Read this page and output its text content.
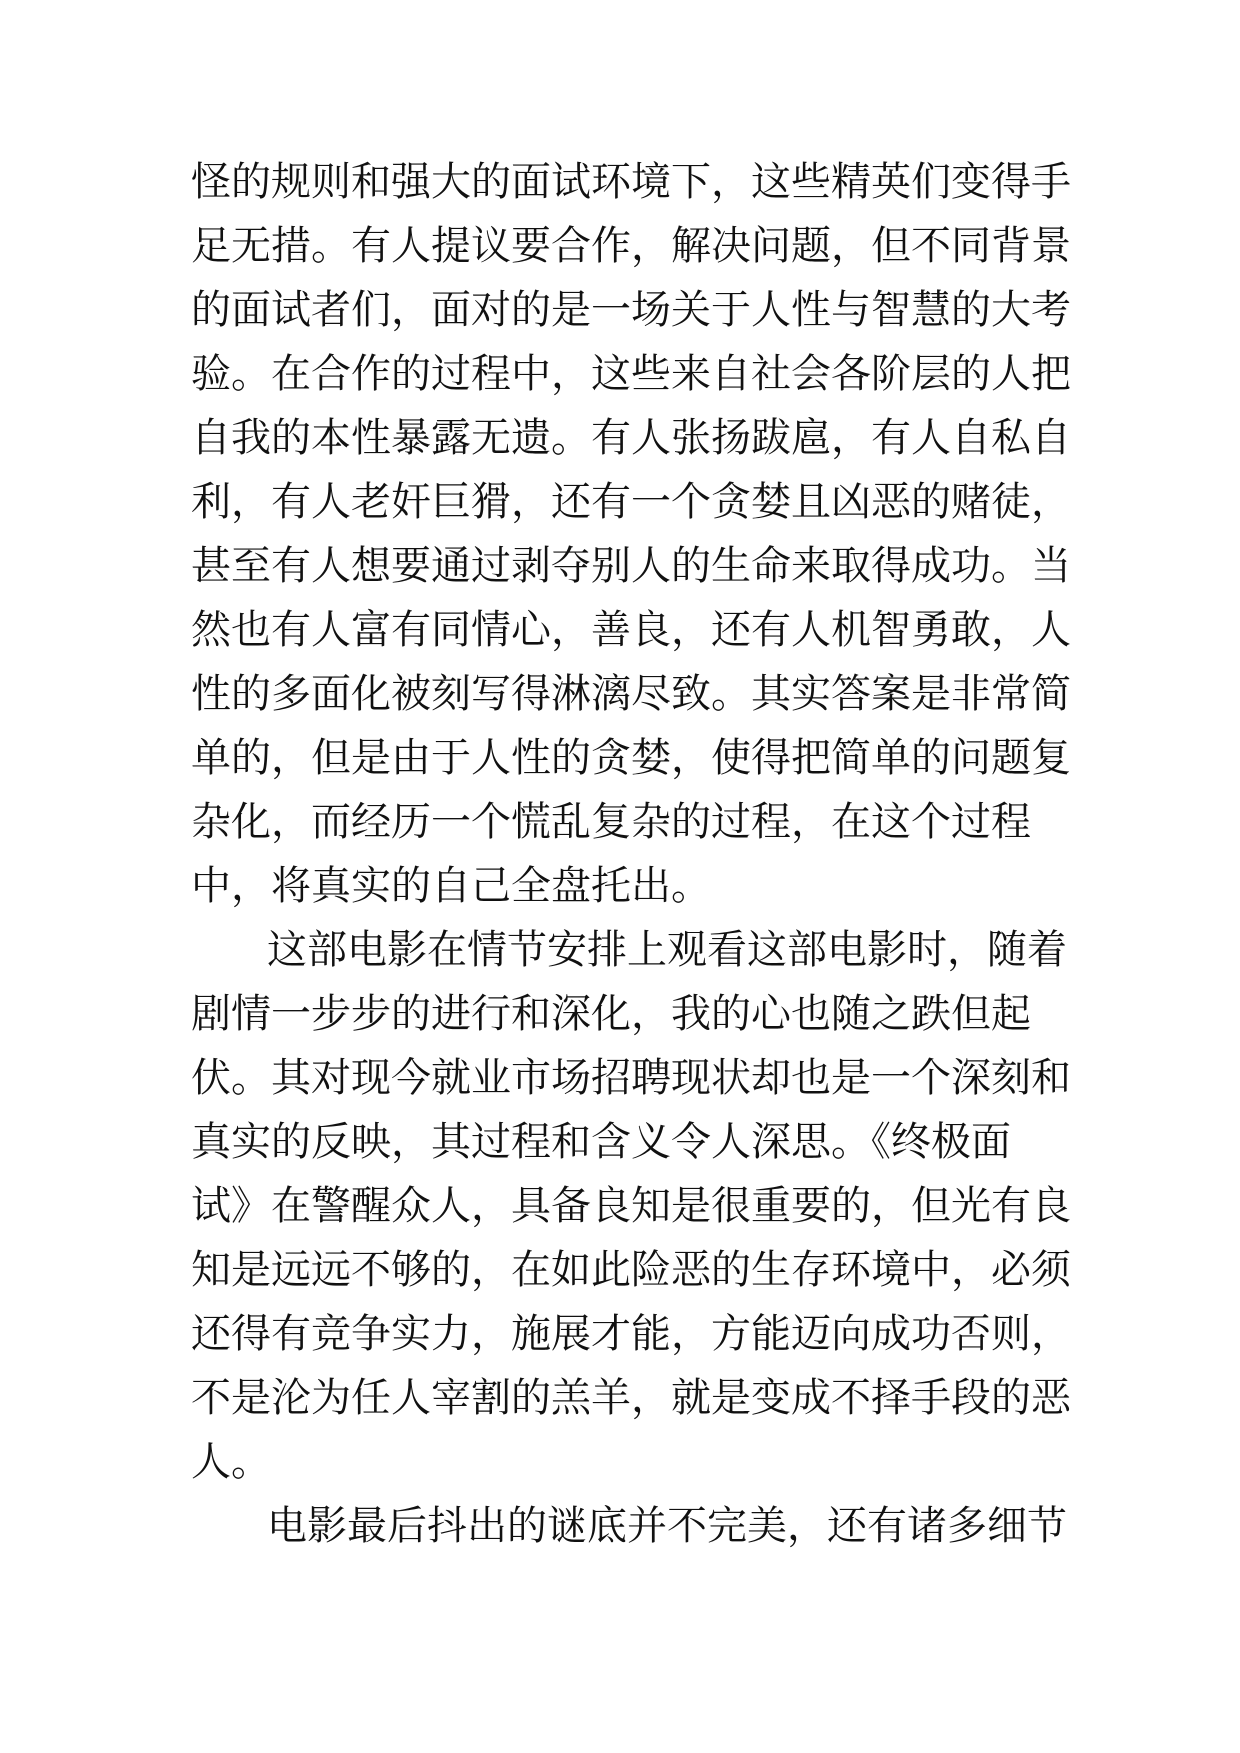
怪的规则和强大的面试环境下，这些精英们变得手
足无措。有人提议要合作，解决问题，但不同背景
的面试者们，面对的是一场关于人性与智慧的大考
验。在合作的过程中，这些来自社会各阶层的人把
自我的本性暴露无遗。有人张扬跋扈，有人自私自
利，有人老奸巨猾，还有一个贪婪且凶恶的赌徒，
甚至有人想要通过剥夺别人的生命来取得成功。当
然也有人富有同情心，善良，还有人机智勇敢，人
性的多面化被刻写得淋漓尽致。其实答案是非常简
单的，但是由于人性的贪婪，使得把简单的问题复
杂化，而经历一个慌乱复杂的过程，在这个过程
中，将真实的自己全盘托出。
这部电影在情节安排上观看这部电影时，随着
剧情一步步的进行和深化，我的心也随之跌但起
伏。其对现今就业市场招聘现状却也是一个深刻和
真实的反映，其过程和含义令人深思。《终极面
试》在警醒众人，具备良知是很重要的，但光有良
知是远远不够的，在如此险恶的生存环境中，必须
还得有竞争实力，施展才能，方能迈向成功否则，
不是沦为任人宰割的羔羊，就是变成不择手段的恶
人。
电影最后抖出的谜底并不完美，还有诸多细节
